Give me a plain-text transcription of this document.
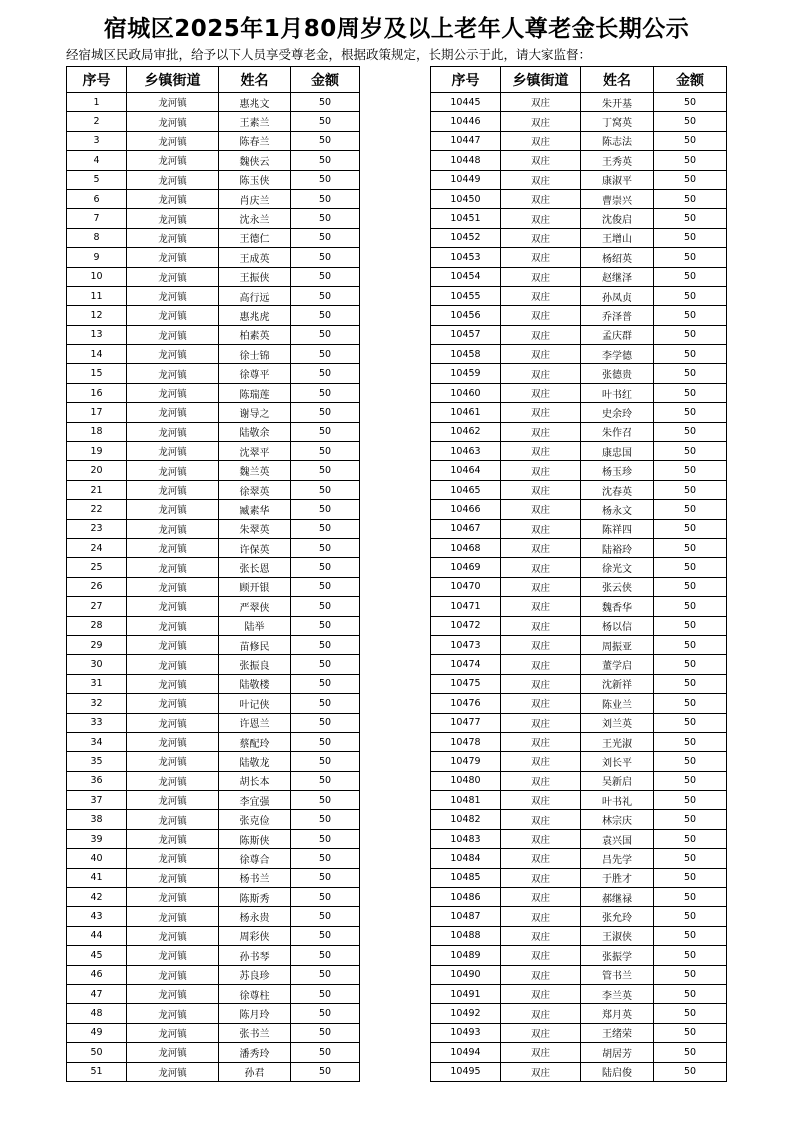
宿城区2025年1月80周岁及以上老年人尊老金长期公示
经宿城区民政局审批，给予以下人员享受尊老金，根据政策规定，长期公示于此，请大家监督：
序号	乡镇街道	姓名	金额
1	龙河镇	惠兆文	50
2	龙河镇	王素兰	50
3	龙河镇	陈春兰	50
4	龙河镇	魏侠云	50
5	龙河镇	陈玉侠	50
6	龙河镇	肖庆兰	50
7	龙河镇	沈永兰	50
8	龙河镇	王德仁	50
9	龙河镇	王成英	50
10	龙河镇	王振侠	50
11	龙河镇	高行远	50
12	龙河镇	惠兆虎	50
13	龙河镇	柏素英	50
14	龙河镇	徐士锦	50
15	龙河镇	徐尊平	50
16	龙河镇	陈瑞莲	50
17	龙河镇	谢导之	50
18	龙河镇	陆敬余	50
19	龙河镇	沈翠平	50
20	龙河镇	魏兰英	50
21	龙河镇	徐翠英	50
22	龙河镇	臧素华	50
23	龙河镇	朱翠英	50
24	龙河镇	许保英	50
25	龙河镇	张长恩	50
26	龙河镇	顾开银	50
27	龙河镇	严翠侠	50
28	龙河镇	陆举	50
29	龙河镇	苗修民	50
30	龙河镇	张振良	50
31	龙河镇	陆敬楼	50
32	龙河镇	叶记侠	50
33	龙河镇	许恩兰	50
34	龙河镇	蔡配玲	50
35	龙河镇	陆敬龙	50
36	龙河镇	胡长本	50
37	龙河镇	李宜强	50
38	龙河镇	张克俭	50
39	龙河镇	陈斯侠	50
40	龙河镇	徐尊合	50
41	龙河镇	杨书兰	50
42	龙河镇	陈斯秀	50
43	龙河镇	杨永贵	50
44	龙河镇	周彩侠	50
45	龙河镇	孙书琴	50
46	龙河镇	苏良珍	50
47	龙河镇	徐尊柱	50
48	龙河镇	陈月玲	50
49	龙河镇	张书兰	50
50	龙河镇	潘秀玲	50
51	龙河镇	孙君	50
序号	乡镇街道	姓名	金额
10445	双庄	朱开基	50
10446	双庄	丁窝英	50
10447	双庄	陈志法	50
10448	双庄	王秀英	50
10449	双庄	康淑平	50
10450	双庄	曹崇兴	50
10451	双庄	沈俊启	50
10452	双庄	王增山	50
10453	双庄	杨绍英	50
10454	双庄	赵继泽	50
10455	双庄	孙凤贞	50
10456	双庄	乔泽普	50
10457	双庄	孟庆群	50
10458	双庄	李学德	50
10459	双庄	张德贵	50
10460	双庄	叶书红	50
10461	双庄	史余玲	50
10462	双庄	朱作召	50
10463	双庄	康忠国	50
10464	双庄	杨玉珍	50
10465	双庄	沈春英	50
10466	双庄	杨永文	50
10467	双庄	陈祥四	50
10468	双庄	陆裕玲	50
10469	双庄	徐光文	50
10470	双庄	张云侠	50
10471	双庄	魏香华	50
10472	双庄	杨以信	50
10473	双庄	周振亚	50
10474	双庄	董学启	50
10475	双庄	沈新祥	50
10476	双庄	陈业兰	50
10477	双庄	刘兰英	50
10478	双庄	王光淑	50
10479	双庄	刘长平	50
10480	双庄	吴新启	50
10481	双庄	叶书礼	50
10482	双庄	林宗庆	50
10483	双庄	袁兴国	50
10484	双庄	吕先学	50
10485	双庄	于胜才	50
10486	双庄	郝继禄	50
10487	双庄	张允玲	50
10488	双庄	王淑侠	50
10489	双庄	张振学	50
10490	双庄	管书兰	50
10491	双庄	李兰英	50
10492	双庄	郑月英	50
10493	双庄	王绪荣	50
10494	双庄	胡居芳	50
10495	双庄	陆启俊	50
